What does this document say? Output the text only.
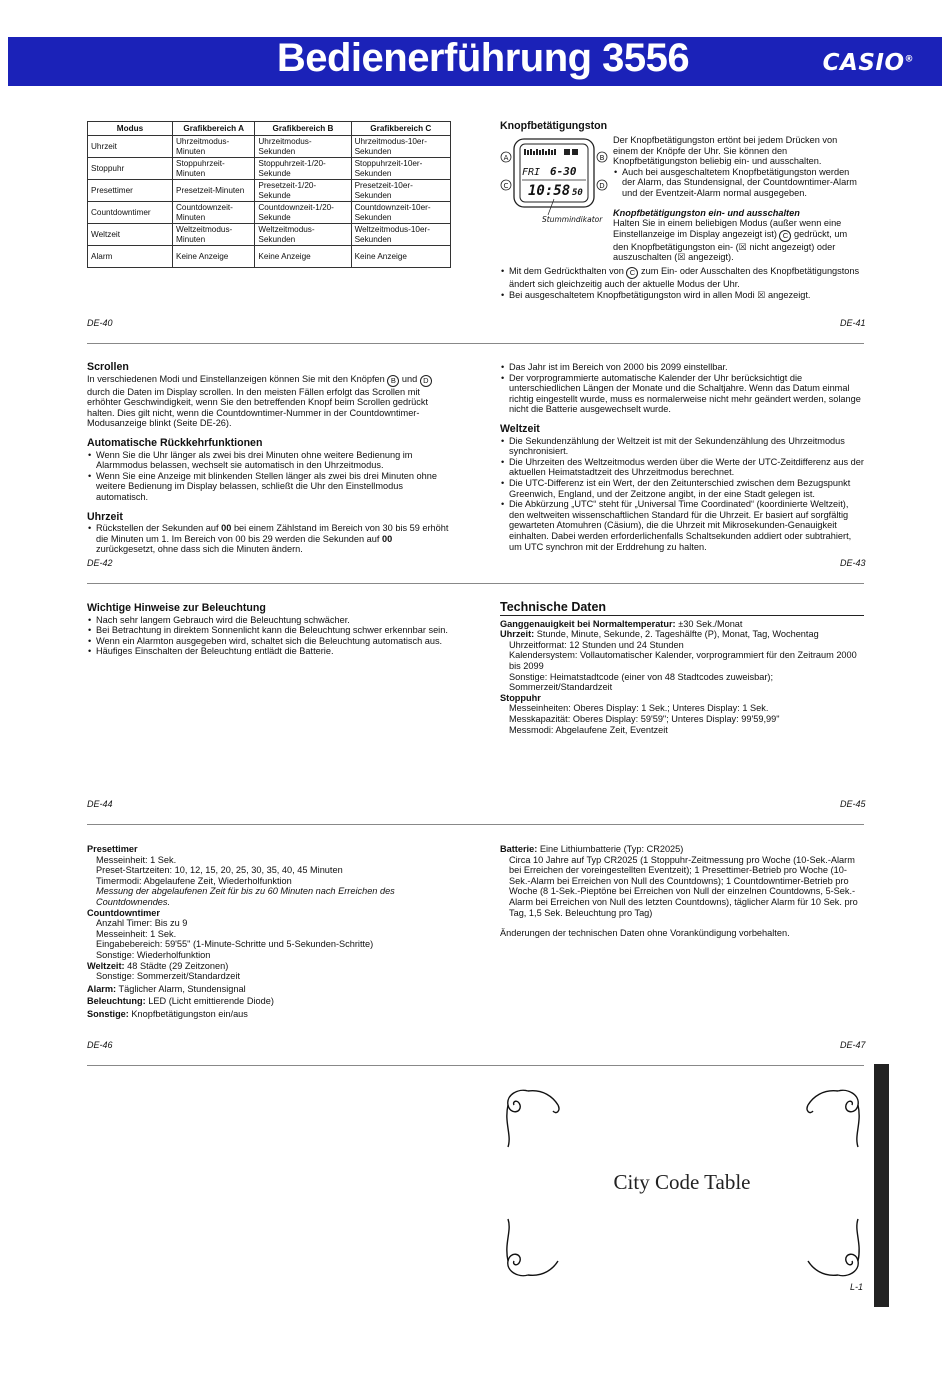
Bedienerführung 3556	CASIO®
Modus	Grafikbereich A	Grafikbereich B	Grafikbereich C
Uhrzeit	Uhrzeitmodus-Minuten	Uhrzeitmodus-Sekunden	Uhrzeitmodus-10er-Sekunden
Stoppuhr	Stoppuhrzeit-Minuten	Stoppuhrzeit-1/20-Sekunde	Stoppuhrzeit-10er-Sekunden
Presettimer	Presetzeit-Minuten	Presetzeit-1/20-Sekunde	Presetzeit-10er-Sekunden
Countdowntimer	Countdownzeit-Minuten	Countdownzeit-1/20-Sekunde	Countdownzeit-10er-Sekunden
Weltzeit	Weltzeitmodus-Minuten	Weltzeitmodus-Sekunden	Weltzeitmodus-10er-Sekunden
Alarm	Keine Anzeige	Keine Anzeige	Keine Anzeige
DE-40
Knopfbetätigungston
FRI 6-30
10:58 50
A	B
C	D
Stummindikator

Der Knopfbetätigungston ertönt bei jedem Drücken von einem der Knöpfe der Uhr. Sie können den Knopfbetätigungston beliebig ein- und ausschalten.

• Auch bei ausgeschaltetem Knopfbetätigungston werden der Alarm, das Stundensignal, der Countdowntimer-Alarm und der Eventzeit-Alarm normal ausgegeben.

Knopfbetätigungston ein- und ausschalten

Halten Sie in einem beliebigen Modus (außer wenn eine Einstellanzeige im Display angezeigt ist) C gedrückt, um den Knopfbetätigungston ein- (☒ nicht angezeigt) oder auszuschalten (☒ angezeigt).

• Mit dem Gedrückthalten von C zum Ein- oder Ausschalten des Knopfbetätigungstons ändert sich gleichzeitig auch der aktuelle Modus der Uhr.
• Bei ausgeschaltetem Knopfbetätigungston wird in allen Modi ☒ angezeigt.
DE-41
Scrollen

In verschiedenen Modi und Einstellanzeigen können Sie mit den Knöpfen B und D durch die Daten im Display scrollen. In den meisten Fällen erfolgt das Scrollen mit erhöhter Geschwindigkeit, wenn Sie den betreffenden Knopf beim Scrollen gedrückt halten. Dies gilt nicht, wenn die Countdowntimer-Nummer in der Countdowntimer-Modusanzeige blinkt (Seite DE-26).

Automatische Rückkehrfunktionen
• Wenn Sie die Uhr länger als zwei bis drei Minuten ohne weitere Bedienung im Alarmmodus belassen, wechselt sie automatisch in den Uhrzeitmodus.
• Wenn Sie eine Anzeige mit blinkenden Stellen länger als zwei bis drei Minuten ohne weitere Bedienung im Display belassen, schließt die Uhr den Einstellmodus automatisch.
Uhrzeit
• Rückstellen der Sekunden auf 00 bei einem Zählstand im Bereich von 30 bis 59 erhöht die Minuten um 1. Im Bereich von 00 bis 29 werden die Sekunden auf 00 zurückgesetzt, ohne dass sich die Minuten ändern.
DE-42
• Das Jahr ist im Bereich von 2000 bis 2099 einstellbar.
• Der vorprogrammierte automatische Kalender der Uhr berücksichtigt die unterschiedlichen Längen der Monate und die Schaltjahre. Wenn das Datum einmal richtig eingestellt wurde, muss es normalerweise nicht mehr geändert werden, solange nicht die Batterie ausgewechselt wurde.
Weltzeit
• Die Sekundenzählung der Weltzeit ist mit der Sekundenzählung des Uhrzeitmodus synchronisiert.
• Die Uhrzeiten des Weltzeitmodus werden über die Werte der UTC-Zeitdifferenz aus der aktuellen Heimatstadtzeit des Uhrzeitmodus berechnet.
• Die UTC-Differenz ist ein Wert, der den Zeitunterschied zwischen dem Bezugspunkt Greenwich, England, und der Zeitzone angibt, in der eine Stadt gelegen ist.
• Die Abkürzung „UTC“ steht für „Universal Time Coordinated“ (koordinierte Weltzeit), den weltweiten wissenschaftlichen Standard für die Uhrzeit. Er basiert auf sorgfältig gewarteten Atomuhren (Cäsium), die die Uhrzeit mit Mikrosekunden-Genauigkeit einhalten. Dabei werden erforderlichenfalls Schaltsekunden addiert oder subtrahiert, um UTC synchron mit der Erddrehung zu halten.
DE-43
Wichtige Hinweise zur Beleuchtung
• Nach sehr langem Gebrauch wird die Beleuchtung schwächer.
• Bei Betrachtung in direktem Sonnenlicht kann die Beleuchtung schwer erkennbar sein.
• Wenn ein Alarmton ausgegeben wird, schaltet sich die Beleuchtung automatisch aus.
• Häufiges Einschalten der Beleuchtung entlädt die Batterie.
DE-44
Technische Daten

Ganggenauigkeit bei Normaltemperatur: ±30 Sek./Monat

Uhrzeit: Stunde, Minute, Sekunde, 2. Tageshälfte (P), Monat, Tag, Wochentag

Uhrzeitformat: 12 Stunden und 24 Stunden

Kalendersystem: Vollautomatischer Kalender, vorprogrammiert für den Zeitraum 2000 bis 2099

Sonstige: Heimatstadtcode (einer von 48 Stadtcodes zuweisbar); Sommerzeit/Standardzeit

Stoppuhr

Messeinheiten: Oberes Display: 1 Sek.; Unteres Display: 1 Sek.

Messkapazität: Oberes Display: 59'59"; Unteres Display: 99'59,99"

Messmodi: Abgelaufene Zeit, Eventzeit

DE-45

Presettimer

Messeinheit: 1 Sek.

Preset-Startzeiten: 10, 12, 15, 20, 25, 30, 35, 40, 45 Minuten

Timermodi: Abgelaufene Zeit, Wiederholfunktion

Messung der abgelaufenen Zeit für bis zu 60 Minuten nach Erreichen des Countdownendes.

Countdowntimer

Anzahl Timer: Bis zu 9

Messeinheit: 1 Sek.

Eingabebereich: 59'55" (1-Minute-Schritte und 5-Sekunden-Schritte)

Sonstige: Wiederholfunktion

Weltzeit: 48 Städte (29 Zeitzonen)

Sonstige: Sommerzeit/Standardzeit

Alarm: Täglicher Alarm, Stundensignal

Beleuchtung: LED (Licht emittierende Diode)

Sonstige: Knopfbetätigungston ein/aus

DE-46

Batterie: Eine Lithiumbatterie (Typ: CR2025)

Circa 10 Jahre auf Typ CR2025 (1 Stoppuhr-Zeitmessung pro Woche (10-Sek.-Alarm bei Erreichen der voreingestellten Eventzeit); 1 Presettimer-Betrieb pro Woche (10-Sek.-Alarm bei Erreichen von Null des Countdowns); 1 Countdowntimer-Betrieb pro Woche (8 1-Sek.-Pieptöne bei Erreichen von Null der einzelnen Countdowns, 5-Sek.-Alarm bei Erreichen von Null des letzten Countdowns), täglicher Alarm für 10 Sek. pro Tag, 1,5 Sek. Beleuchtung pro Tag)

Änderungen der technischen Daten ohne Vorankündigung vorbehalten.

DE-47
City Code Table
L-1
